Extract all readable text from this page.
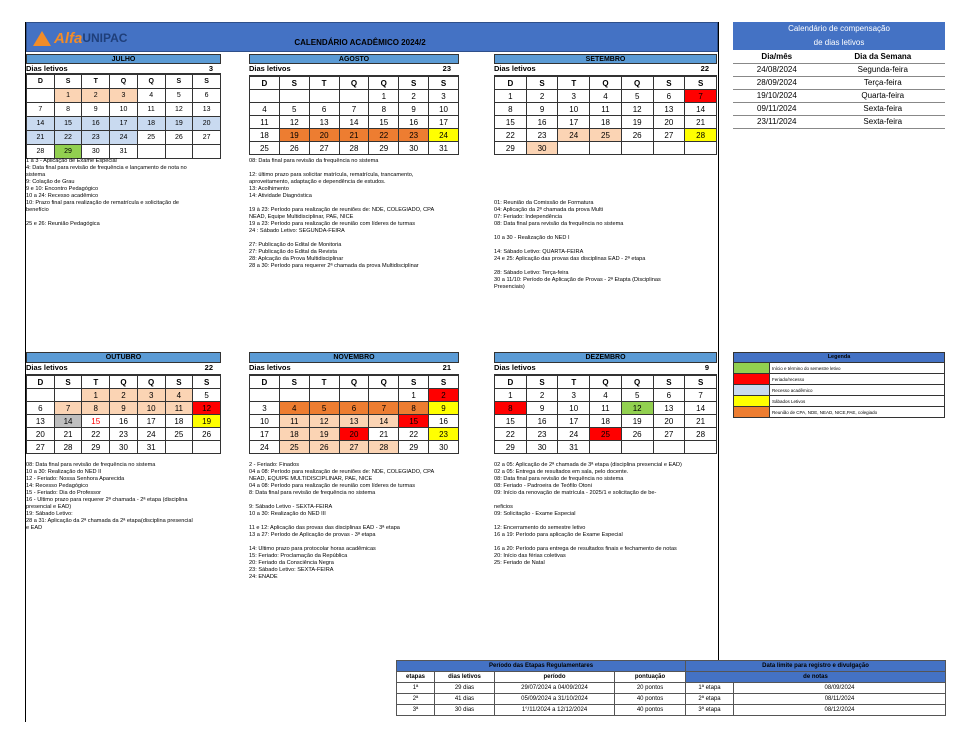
Alfa UNIPAC	CALENDÁRIO ACADÊMICO 2024/2
JULHO
Dias letivos	3
D	S	T	Q	Q	S	S
	1	2	3	4	5	6
7	8	9	10	11	12	13
14	15	16	17	18	19	20
21	22	23	24	25	26	27
28	29	30	31			
1 a 3 - Aplicação de Exame Especial
4: Data final para revisão de frequência e lançamento de nota no
sistema
9: Colação de Grau
9 e 10: Encontro Pedagógico
10 a 24: Recesso acadêmico
10: Prazo final para realização de rematrícula e solicitação de
benefício

25 e 26: Reunião Pedagógica
AGOSTO
Dias letivos	23
D	S	T	Q	Q	S	S
				1	2	3
4	5	6	7	8	9	10
11	12	13	14	15	16	17
18	19	20	21	22	23	24
25	26	27	28	29	30	31
08: Data final para revisão da frequência no sistema

12: último prazo para solicitar matrícula, rematrícula, trancamento,
aproveitamento, adaptação e dependência de estudos.
13: Acolhimento
14: Atividade Diagnóstica

19 à 23: Período para realização de reuniões de: NDE, COLEGIADO, CPA
NEAD, Equipe Multidisciplinar, PAE, NICE
19 a 23: Período para realização de reunião com líderes de turmas
24 : Sábado Letivo: SEGUNDA-FEIRA

27: Publicação do Edital de Monitoria
27: Publicação do Edital da Revista
28: Aplcação da Prova Multidisciplinar
28 a 30: Período para requerer 2ª chamada da prova Multidisciplinar
SETEMBRO
Dias letivos	22
D	S	T	Q	Q	S	S
1	2	3	4	5	6	7
8	9	10	11	12	13	14
15	16	17	18	19	20	21
22	23	24	25	26	27	28
29	30					

01: Reunião da Comissão de Formatura
04: Aplicação da 2ª chamada da prova Multi
07: Feriado: Independência
08: Data final para revisão da frequência no sistema

10 a 30 - Realização do NED I

14: Sábado Letivo: QUARTA-FEIRA
24 e 25: Aplicação das provas das disciplinas EAD - 2ª etapa

28: Sábado Letivo: Terça-feira
30 a 11/10: Período de Aplicação de Provas - 2ª Etapta (Disciplinas
Presenciais)
OUTUBRO
Dias letivos	22
D	S	T	Q	Q	S	S
		1	2	3	4	5
6	7	8	9	10	11	12
13	14	15	16	17	18	19
20	21	22	23	24	25	26
27	28	29	30	31		
08: Data final para revisão de frequência no sistema
10 a 30: Realização do NED II
12 - Feriado: Nossa Senhora Aparecida
14: Recesso Pedagógico
15 - Feriado: Dia do Professor
16 - Último prazo para requerer 2ª chamada - 2ª etapa (disciplina
presencial e EAD)
19: Sábado Letivo:
28 a 31: Aplicação da 2ª chamada da 2ª etapa(disciplina presencial
e EAD
NOVEMBRO
Dias letivos	21
D	S	T	Q	Q	S	S
					1	2
3	4	5	6	7	8	9
10	11	12	13	14	15	16
17	18	19	20	21	22	23
24	25	26	27	28	29	30
2 - Feriado: Finados
04 a 08: Período para realização de reuniões de: NDE, COLEGIADO, CPA
NEAD, EQUIPE MULTIDISCIPLINAR, PAE, NICE
04 a 08: Período para realização de reunião com líderes de turmas
8: Data final para revisão de frequência no sistema

9: Sábado Letivo - SEXTA-FEIRA
10 a 30: Realização do NED III

11 e 12: Aplicação das provas das disciplinas EAD - 3ª etapa
13 a 27: Período de Aplicação de provas - 3ª etapa

14: Último prazo para protocolar horas acadêmicas
15: Feriado: Proclamação da República
20: Feriado da Consciência Negra
23: Sábado Letivo: SEXTA-FEIRA
24: ENADE
DEZEMBRO
Dias letivos	9
D	S	T	Q	Q	S	S
1	2	3	4	5	6	7
8	9	10	11	12	13	14
15	16	17	18	19	20	21
22	23	24	25	26	27	28
29	30	31				
02 a 05: Aplicação de 2ª chamada de 3ª etapa (disciplina presencial e EAD)
02 a 05: Entrega de resultados em sala, pelo docente.
08: Data final para revisão de frequência no sistema
08: Feriado - Padroeira de Teófilo Otoni
09: Início da renovação de matrícula - 2025/1 e solicitação de be-

neficios
09: Solicitação - Exame Especial

12: Encerramento do semestre letivo
16 a 19: Período para aplicação de Exame Especial

16 a 20: Período para entrega de resultados finais e fechamento de notas
20: Início das férias coletivas
25: Feriado de Natal
Calendário de compensação
de dias letivos
Dia/mês	Dia da Semana
24/08/2024	Segunda-feira
28/09/2024	Terça-feira
19/10/2024	Quarta-feira
09/11/2024	Sexta-feira
23/11/2024	Sexta-feira
Legenda
Início e término do semestre letivo
Feriado/recesso
Recesso acadêmico
Sábados Letivos
Reunião de CPA, NDE, NEAD, NICE,PAE, colegiado
Período das Etapas Regulamentares			
etapas	dias letivos	período	pontuação
1ª	29 dias	29/07/2024 a 04/09/2024	20 pontos
2ª	41 dias	05/09/2024 a 31/10/2024	40 pontos
3ª	30 dias	1°/11/2024 a 12/12/2024	40 pontos
Data limite para registro e divulgação	
de notas	
1ª etapa	08/09/2024
2ª etapa	08/11/2024
3ª etapa	08/12/2024
